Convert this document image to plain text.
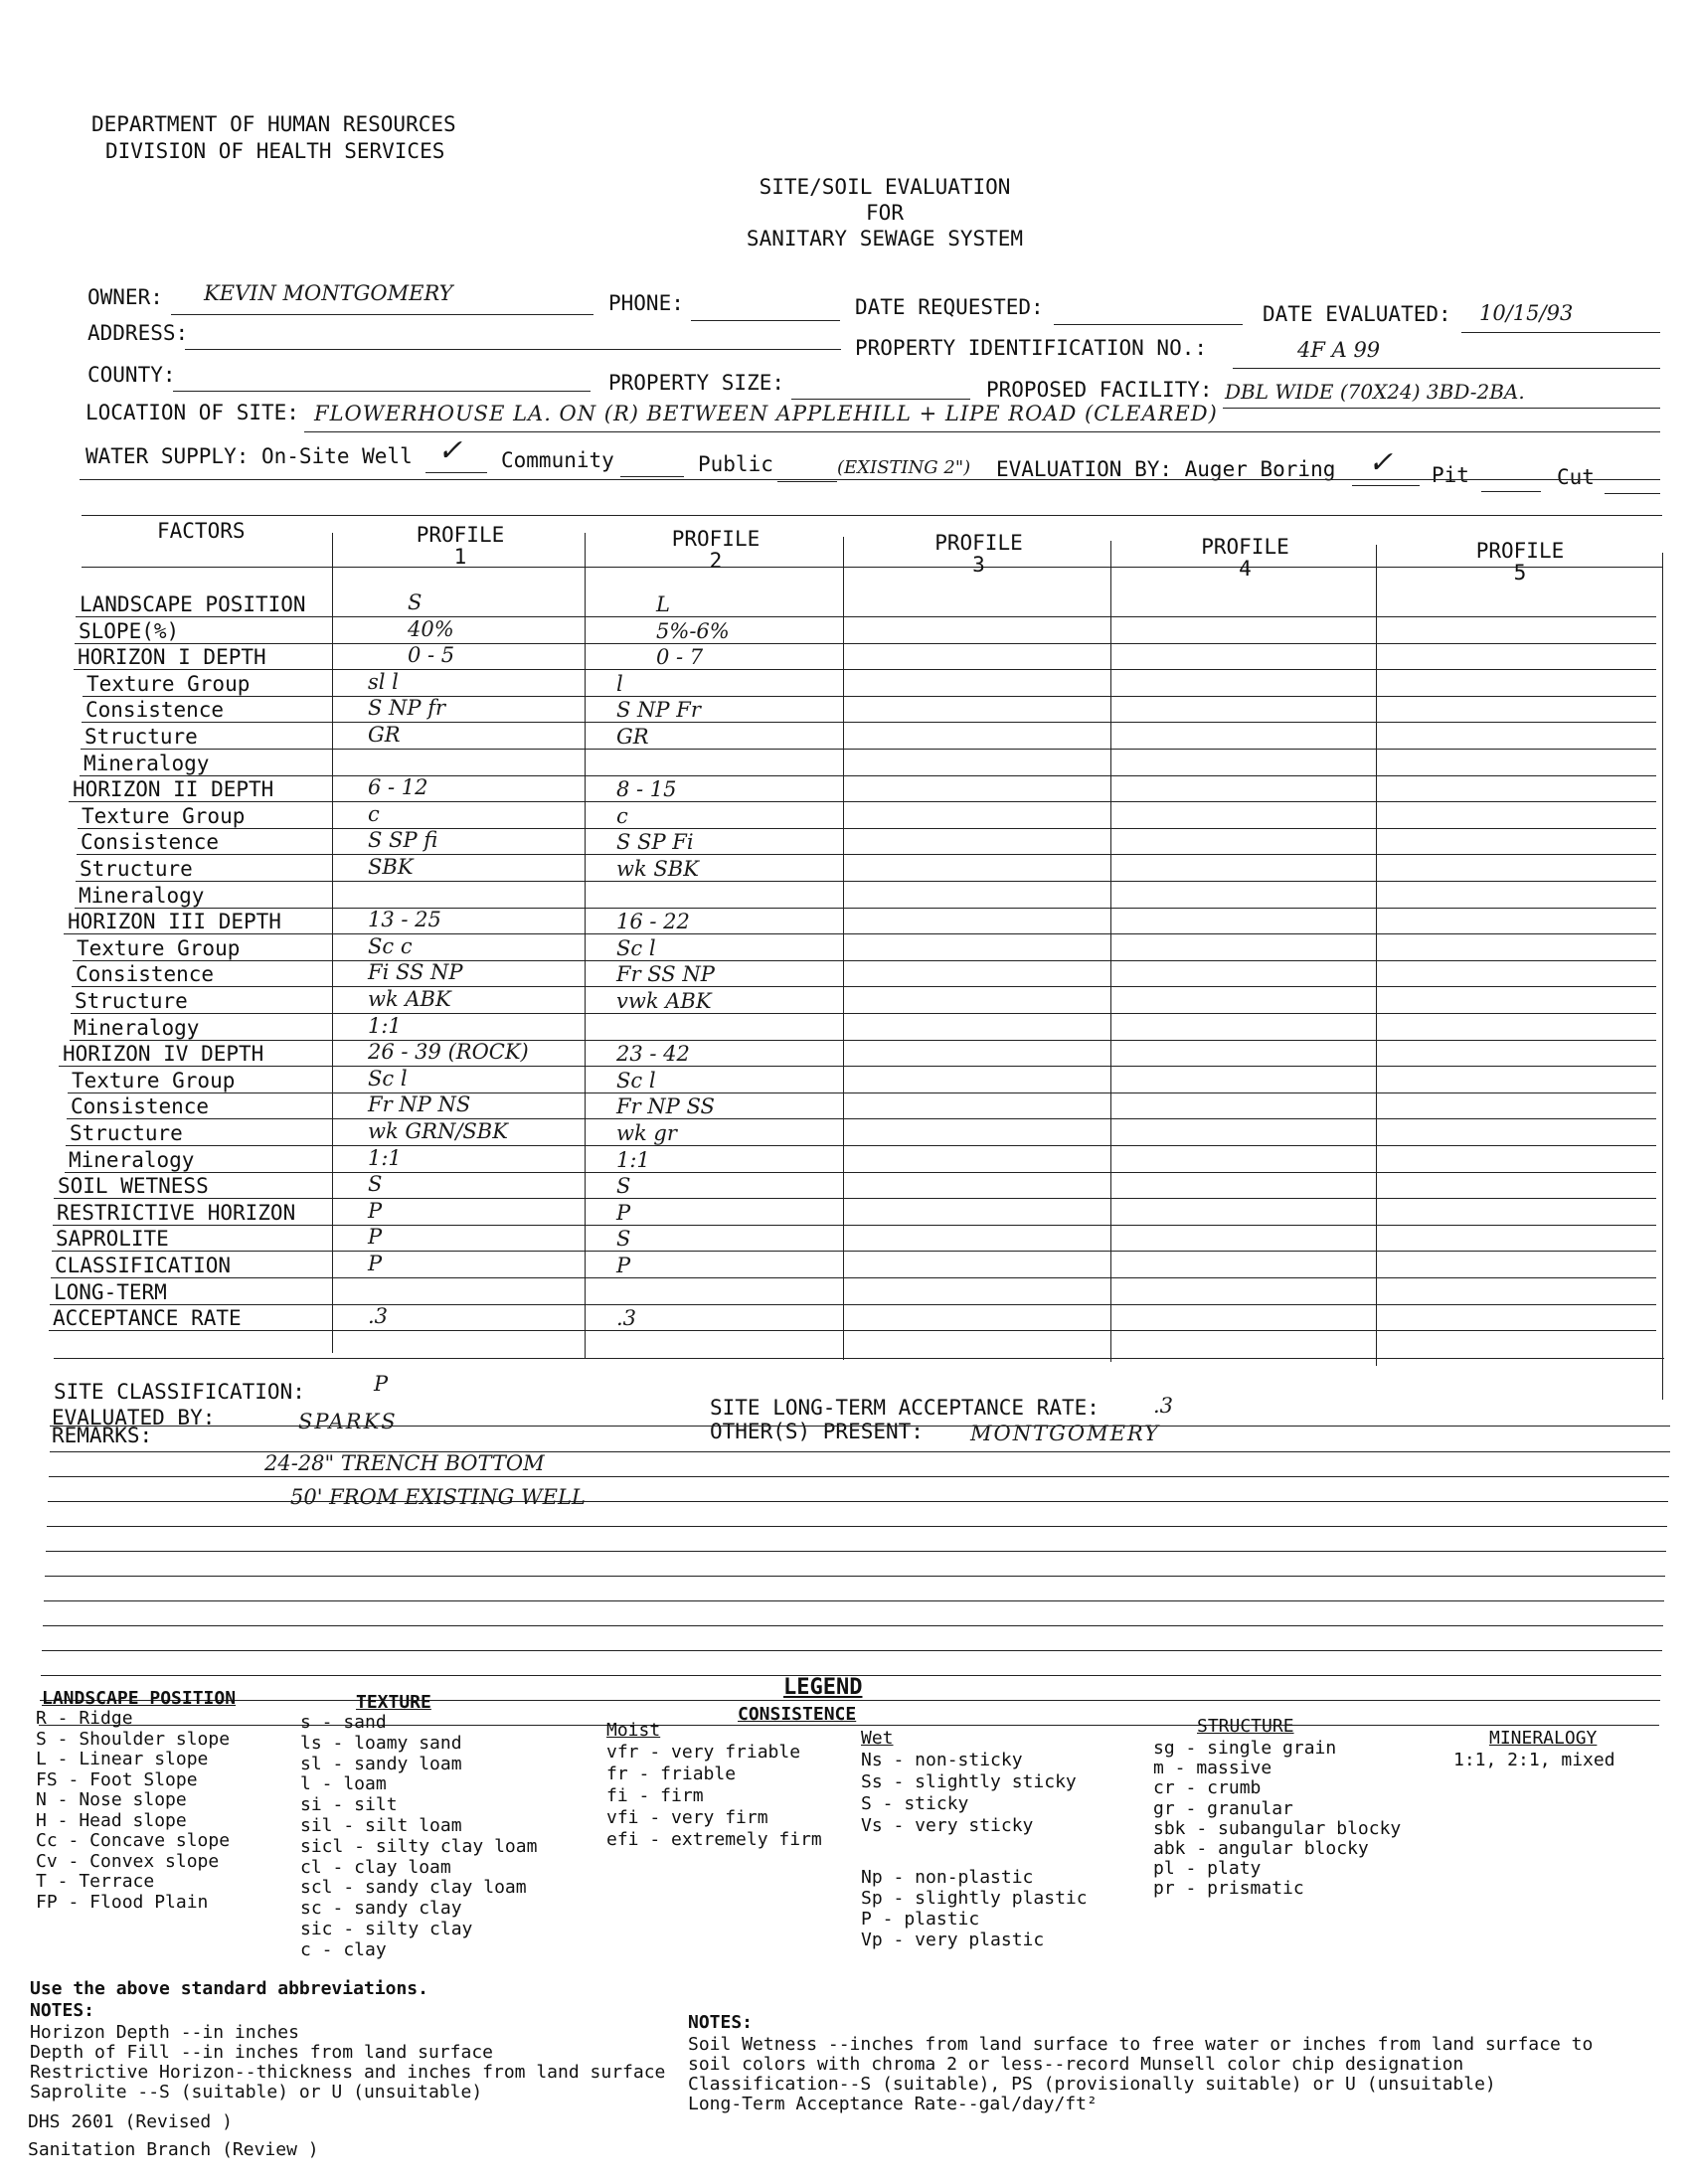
DEPARTMENT OF HUMAN RESOURCES
DIVISION OF HEALTH SERVICES
SITE/SOIL EVALUATION
FOR
SANITARY SEWAGE SYSTEM
OWNER: KEVIN MONTGOMERY	PHONE:	DATE REQUESTED:	DATE EVALUATED: 10/15/93
ADDRESS:
PROPERTY IDENTIFICATION NO.:	4F A 99
COUNTY:	PROPERTY SIZE:	PROPOSED FACILITY: DBL WIDE (70X24) 3BD-2BA.
LOCATION OF SITE: FLOWERHOUSE LA. ON (R) BETWEEN APPLEHILL + LIPE ROAD (CLEARED)
WATER SUPPLY: On-Site Well ✓ Community	Public	(EXISTING 2") EVALUATION BY: Auger Boring ✓ Pit	Cut
FACTORS	PROFILE
1
PROFILE
2
PROFILE
3
PROFILE
4
PROFILE
5
LANDSCAPE POSITION	S	L
SLOPE(%)	40%	5%-6%
HORIZON I DEPTH	0 - 5	0 - 7
Texture Group	sl l	l
Consistence	S NP fr	S NP Fr
Structure	GR	GR
Mineralogy
HORIZON II DEPTH	6 - 12	8 - 15
Texture Group	c	c
Consistence	S SP fi	S SP Fi
Structure	SBK	wk SBK
Mineralogy
HORIZON III DEPTH	13 - 25	16 - 22
Texture Group	Sc c	Sc l
Consistence	Fi SS NP	Fr SS NP
Structure	wk ABK	vwk ABK
Mineralogy	1:1
HORIZON IV DEPTH	26 - 39 (ROCK)	23 - 42
Texture Group	Sc l	Sc l
Consistence	Fr NP NS	Fr NP SS
Structure	wk GRN/SBK	wk gr
Mineralogy	1:1	1:1
SOIL WETNESS	S	S
RESTRICTIVE HORIZON	P	P
SAPROLITE	P	S
CLASSIFICATION	P	P
LONG-TERM
ACCEPTANCE RATE	.3	.3
SITE CLASSIFICATION:	P
SITE LONG-TERM ACCEPTANCE RATE:	.3
EVALUATED BY:	SPARKS	OTHER(S) PRESENT: MONTGOMERY
REMARKS:
24-28" TRENCH BOTTOM
50' FROM EXISTING WELL
LEGEND
LANDSCAPE POSITION
R - Ridge
S - Shoulder slope
L - Linear slope
FS - Foot Slope
N - Nose slope
H - Head slope
Cc - Concave slope
Cv - Convex slope
T - Terrace
FP - Flood Plain
TEXTURE
s - sand
ls - loamy sand
sl - sandy loam
l - loam
si - silt
sil - silt loam
sicl - silty clay loam
cl - clay loam
scl - sandy clay loam
sc - sandy clay
sic - silty clay
c - clay
CONSISTENCE
Moist
vfr - very friable
fr - friable
fi - firm
vfi - very firm
efi - extremely firm
Wet
Ns - non-sticky
Ss - slightly sticky
S - sticky
Vs - very sticky
Np - non-plastic
Sp - slightly plastic
P - plastic
Vp - very plastic
STRUCTURE
sg - single grain
m - massive
cr - crumb
gr - granular
sbk - subangular blocky
abk - angular blocky
pl - platy
pr - prismatic
MINERALOGY
1:1, 2:1, mixed
Use the above standard abbreviations.
NOTES:
Horizon Depth --in inches
Depth of Fill --in inches from land surface
Restrictive Horizon--thickness and inches from land surface
Saprolite --S (suitable) or U (unsuitable)
NOTES:
Soil Wetness --inches from land surface to free water or inches from land surface to
soil colors with chroma 2 or less--record Munsell color chip designation
Classification--S (suitable), PS (provisionally suitable) or U (unsuitable)
Long-Term Acceptance Rate--gal/day/ft²
DHS 2601 (Revised )
Sanitation Branch (Review )
